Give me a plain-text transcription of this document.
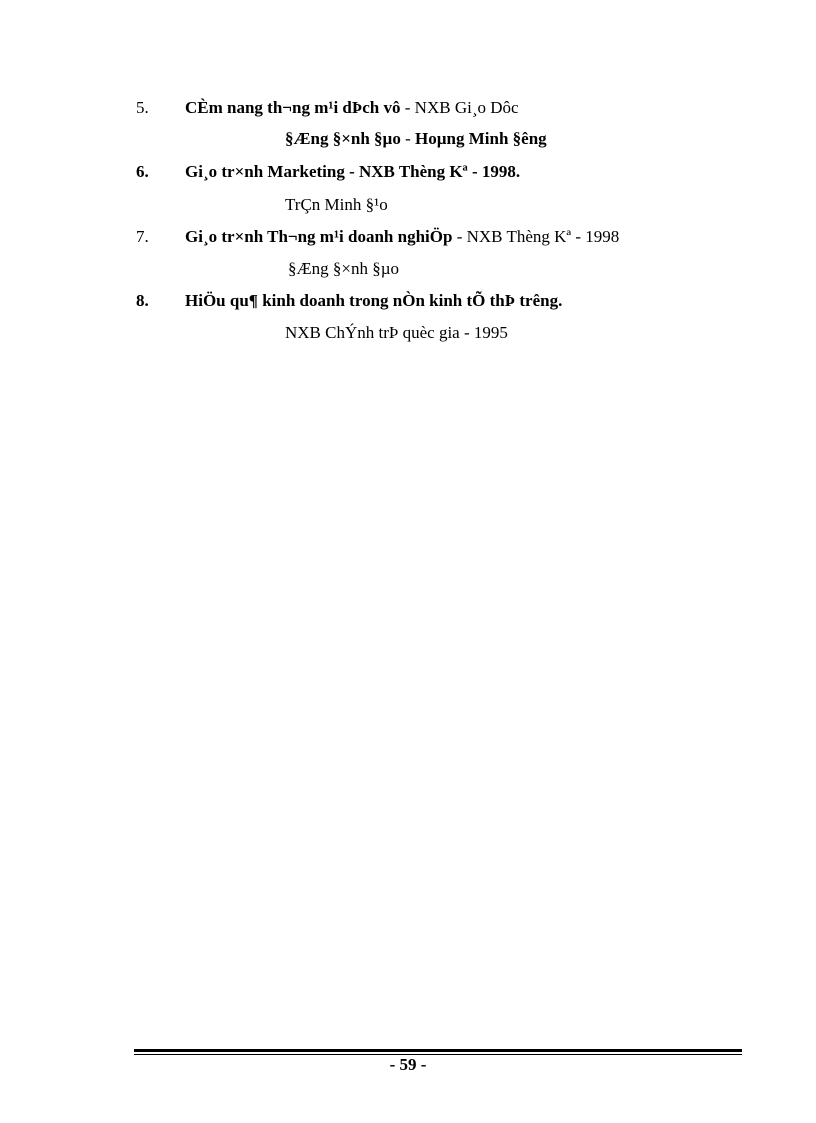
5. CÈm nang th¬ng m¹i dÞch vô - NXB Gi¸o Dôc
§Æng §×nh §µo - Hoµng Minh §êng
6. Gi¸o tr×nh Marketing - NXB Thèng Kª - 1998.
TrÇn Minh §¹o
7. Gi¸o tr×nh Th¬ng m¹i doanh nghiÖp - NXB Thèng Kª - 1998
§Æng §×nh §µo
8. HiÖu qu¶ kinh doanh trong nÒn kinh tÕ thÞ trêng.
NXB ChÝnh trÞ quèc gia - 1995
- 59 -
